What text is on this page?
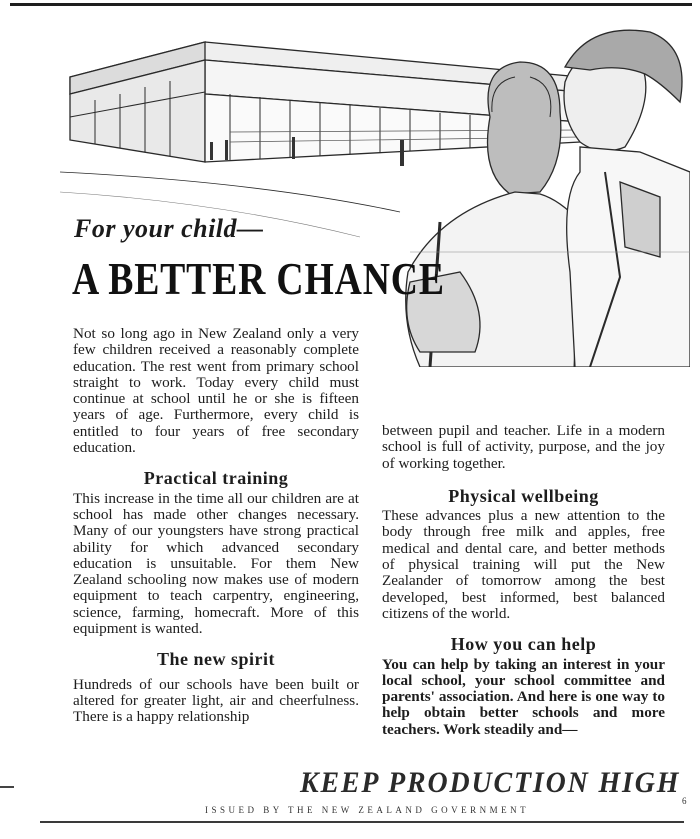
For your child—
A BETTER CHANCE

Not so long ago in New Zealand only a very few children received a reasonably complete education. The rest went from primary school straight to work. Today every child must continue at school until he or she is fifteen years of age. Furthermore, every child is entitled to four years of free secondary education.

Practical training

This increase in the time all our children are at school has made other changes necessary. Many of our youngsters have strong practical ability for which advanced secondary education is unsuitable. For them New Zealand schooling now makes use of modern equipment to teach carpentry, engineering, science, farming, homecraft. More of this equipment is wanted.

The new spirit

Hundreds of our schools have been built or altered for greater light, air and cheerfulness. There is a happy relationship

between pupil and teacher. Life in a modern school is full of activity, purpose, and the joy of working together.

Physical wellbeing

These advances plus a new attention to the body through free milk and apples, free medical and dental care, and better methods of physical training will put the New Zealander of tomorrow among the best developed, best informed, best balanced citizens of the world.

How you can help

You can help by taking an interest in your local school, your school committee and parents' association. And here is one way to help obtain better schools and more teachers. Work steadily and—

KEEP PRODUCTION HIGH
ISSUED BY THE NEW ZEALAND GOVERNMENT
6
